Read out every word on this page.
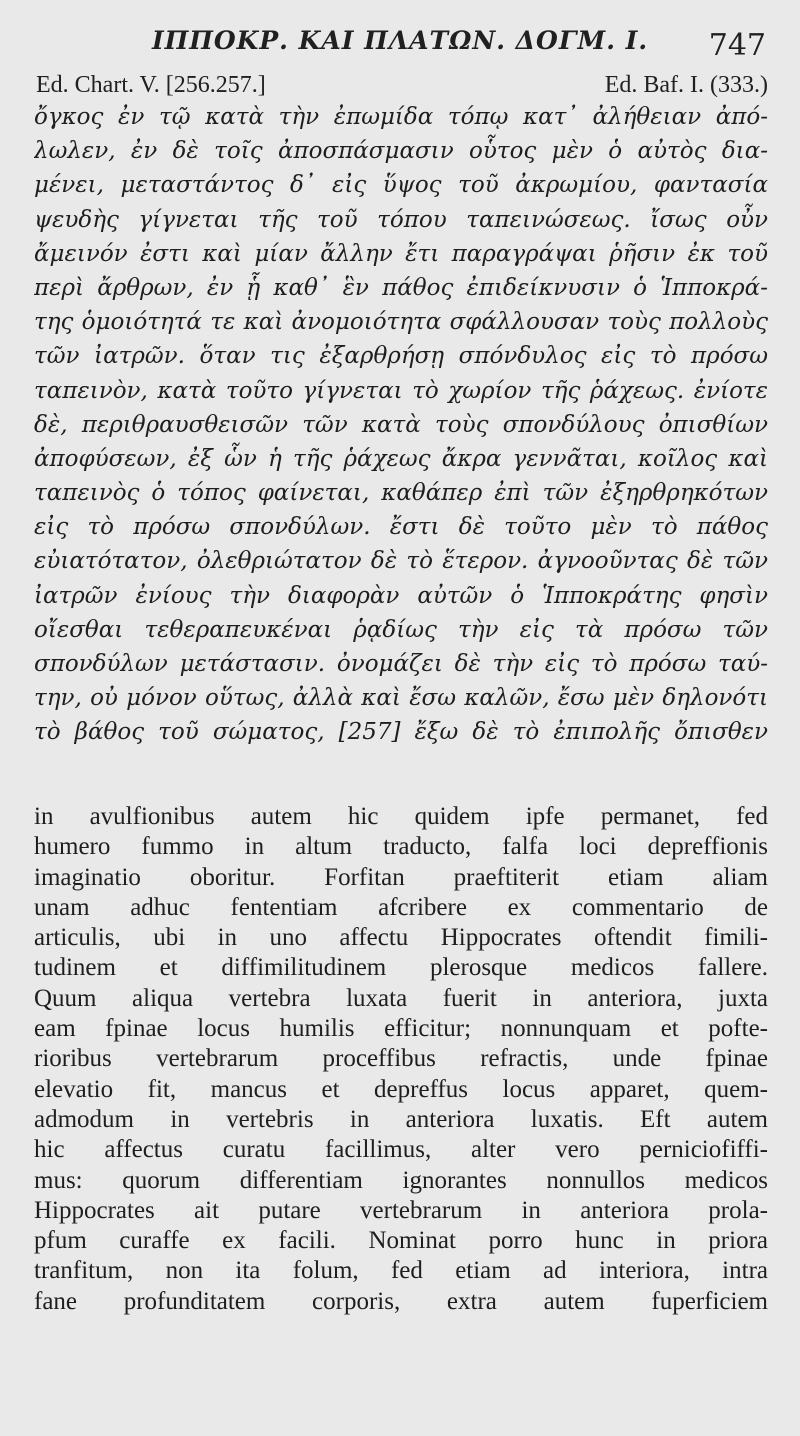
ΙΠΠΟΚΡ. ΚΑΙ ΠΛΑΤΩΝ. ΔΟΓΜ. Ι.	747
Ed. Chart. V. [256.257.]	Ed. Baf. I. (333.)
ὄγκος ἐν τῷ κατὰ τὴν ἐπωμίδα τόπῳ κατ᾽ ἀλήθειαν ἀπό-
λωλεν, ἐν δὲ τοῖς ἀποσπάσμασιν οὗτος μὲν ὁ αὐτὸς δια-
μένει, μεταστάντος δ᾽ εἰς ὕψος τοῦ ἀκρωμίου, φαντασία
ψευδὴς γίγνεται τῆς τοῦ τόπου ταπεινώσεως. ἴσως οὖν
ἄμεινόν ἐστι καὶ μίαν ἄλλην ἔτι παραγράψαι ῥῆσιν ἐκ τοῦ
περὶ ἄρθρων, ἐν ᾗ καθ᾽ ἓν πάθος ἐπιδείκνυσιν ὁ Ἱπποκρά-
της ὁμοιότητά τε καὶ ἀνομοιότητα σφάλλουσαν τοὺς πολλοὺς
τῶν ἰατρῶν. ὅταν τις ἐξαρθρήσῃ σπόνδυλος εἰς τὸ πρόσω
ταπεινὸν, κατὰ τοῦτο γίγνεται τὸ χωρίον τῆς ῥάχεως. ἐνίοτε
δὲ, περιθραυσθεισῶν τῶν κατὰ τοὺς σπονδύλους ὀπισθίων
ἀποφύσεων, ἐξ ὧν ἡ τῆς ῥάχεως ἄκρα γεννᾶται, κοῖλος καὶ
ταπεινὸς ὁ τόπος φαίνεται, καθάπερ ἐπὶ τῶν ἐξηρθρηκότων
εἰς τὸ πρόσω σπονδύλων. ἔστι δὲ τοῦτο μὲν τὸ πάθος
εὐιατότατον, ὀλεθριώτατον δὲ τὸ ἕτερον. ἀγνοοῦντας δὲ τῶν
ἰατρῶν ἐνίους τὴν διαφορὰν αὐτῶν ὁ Ἱπποκράτης φησὶν
οἴεσθαι τεθεραπευκέναι ῥᾳδίως τὴν εἰς τὰ πρόσω τῶν
σπονδύλων μετάστασιν. ὀνομάζει δὲ τὴν εἰς τὸ πρόσω ταύ-
την, οὐ μόνον οὕτως, ἀλλὰ καὶ ἔσω καλῶν, ἔσω μὲν δηλονότι
τὸ βάθος τοῦ σώματος, [257] ἔξω δὲ τὸ ἐπιπολῆς ὄπισθεν
in avulfionibus autem hic quidem ipfe permanet, fed
humero fummo in altum traducto, falfa loci depreffionis
imaginatio oboritur. Forfitan praeftiterit etiam aliam
unam adhuc fententiam afcribere ex commentario de
articulis, ubi in uno affectu Hippocrates oftendit fimili-
tudinem et diffimilitudinem plerosque medicos fallere.
Quum aliqua vertebra luxata fuerit in anteriora, juxta
eam fpinae locus humilis efficitur; nonnunquam et pofte-
rioribus vertebrarum proceffibus refractis, unde fpinae
elevatio fit, mancus et depreffus locus apparet, quem-
admodum in vertebris in anteriora luxatis. Eft autem
hic affectus curatu facillimus, alter vero perniciofiffi-
mus: quorum differentiam ignorantes nonnullos medicos
Hippocrates ait putare vertebrarum in anteriora prola-
pfum curaffe ex facili. Nominat porro hunc in priora
tranfitum, non ita folum, fed etiam ad interiora, intra
fane profunditatem corporis, extra autem fuperficiem
